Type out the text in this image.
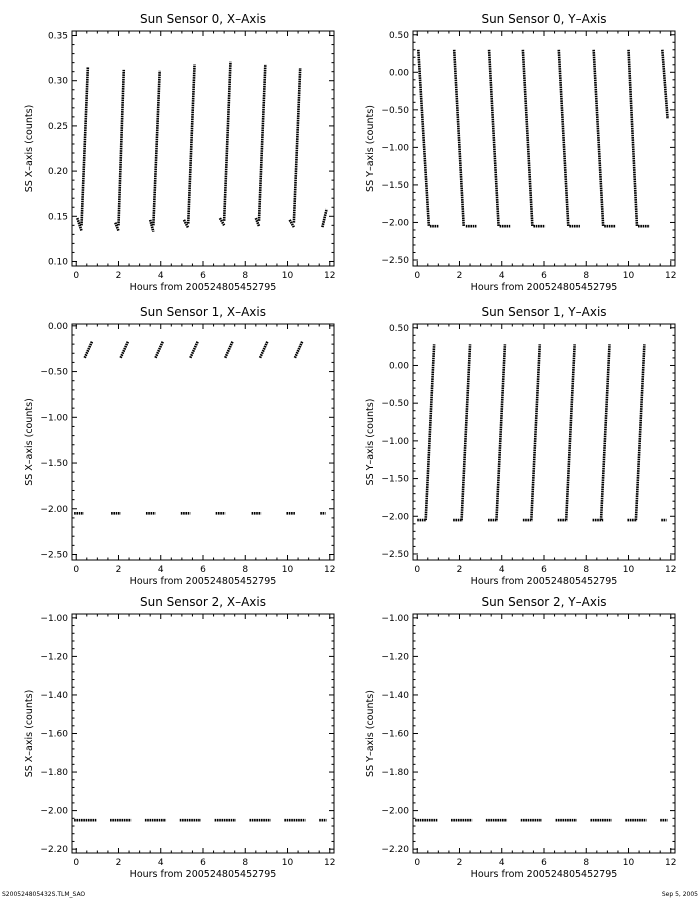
Sun Sensor 0, X–Axis
0	2	4	6	8	10	12
0.10
0.15
0.20
0.25
0.30
0.35
Hours from 200524805452795
SS X–axis (counts)
Sun Sensor 0, Y–Axis
0	2	4	6	8	10	12
−2.50
−2.00
−1.50
−1.00
−0.50
0.00
0.50
Hours from 200524805452795
SS Y–axis (counts)
Sun Sensor 1, X–Axis
0	2	4	6	8	10	12
−2.50
−2.00
−1.50
−1.00
−0.50
0.00
Hours from 200524805452795
SS X–axis (counts)
Sun Sensor 1, Y–Axis
0	2	4	6	8	10	12
−2.50
−2.00
−1.50
−1.00
−0.50
0.00
0.50
Hours from 200524805452795
SS Y–axis (counts)
Sun Sensor 2, X–Axis
0	2	4	6	8	10	12
−2.20
−2.00
−1.80
−1.60
−1.40
−1.20
−1.00
Hours from 200524805452795
SS X–axis (counts)
Sun Sensor 2, Y–Axis
0	2	4	6	8	10	12
−2.20
−2.00
−1.80
−1.60
−1.40
−1.20
−1.00
Hours from 200524805452795
SS Y–axis (counts)
S200524805432S.TLM_SAO	Sep 5, 2005
